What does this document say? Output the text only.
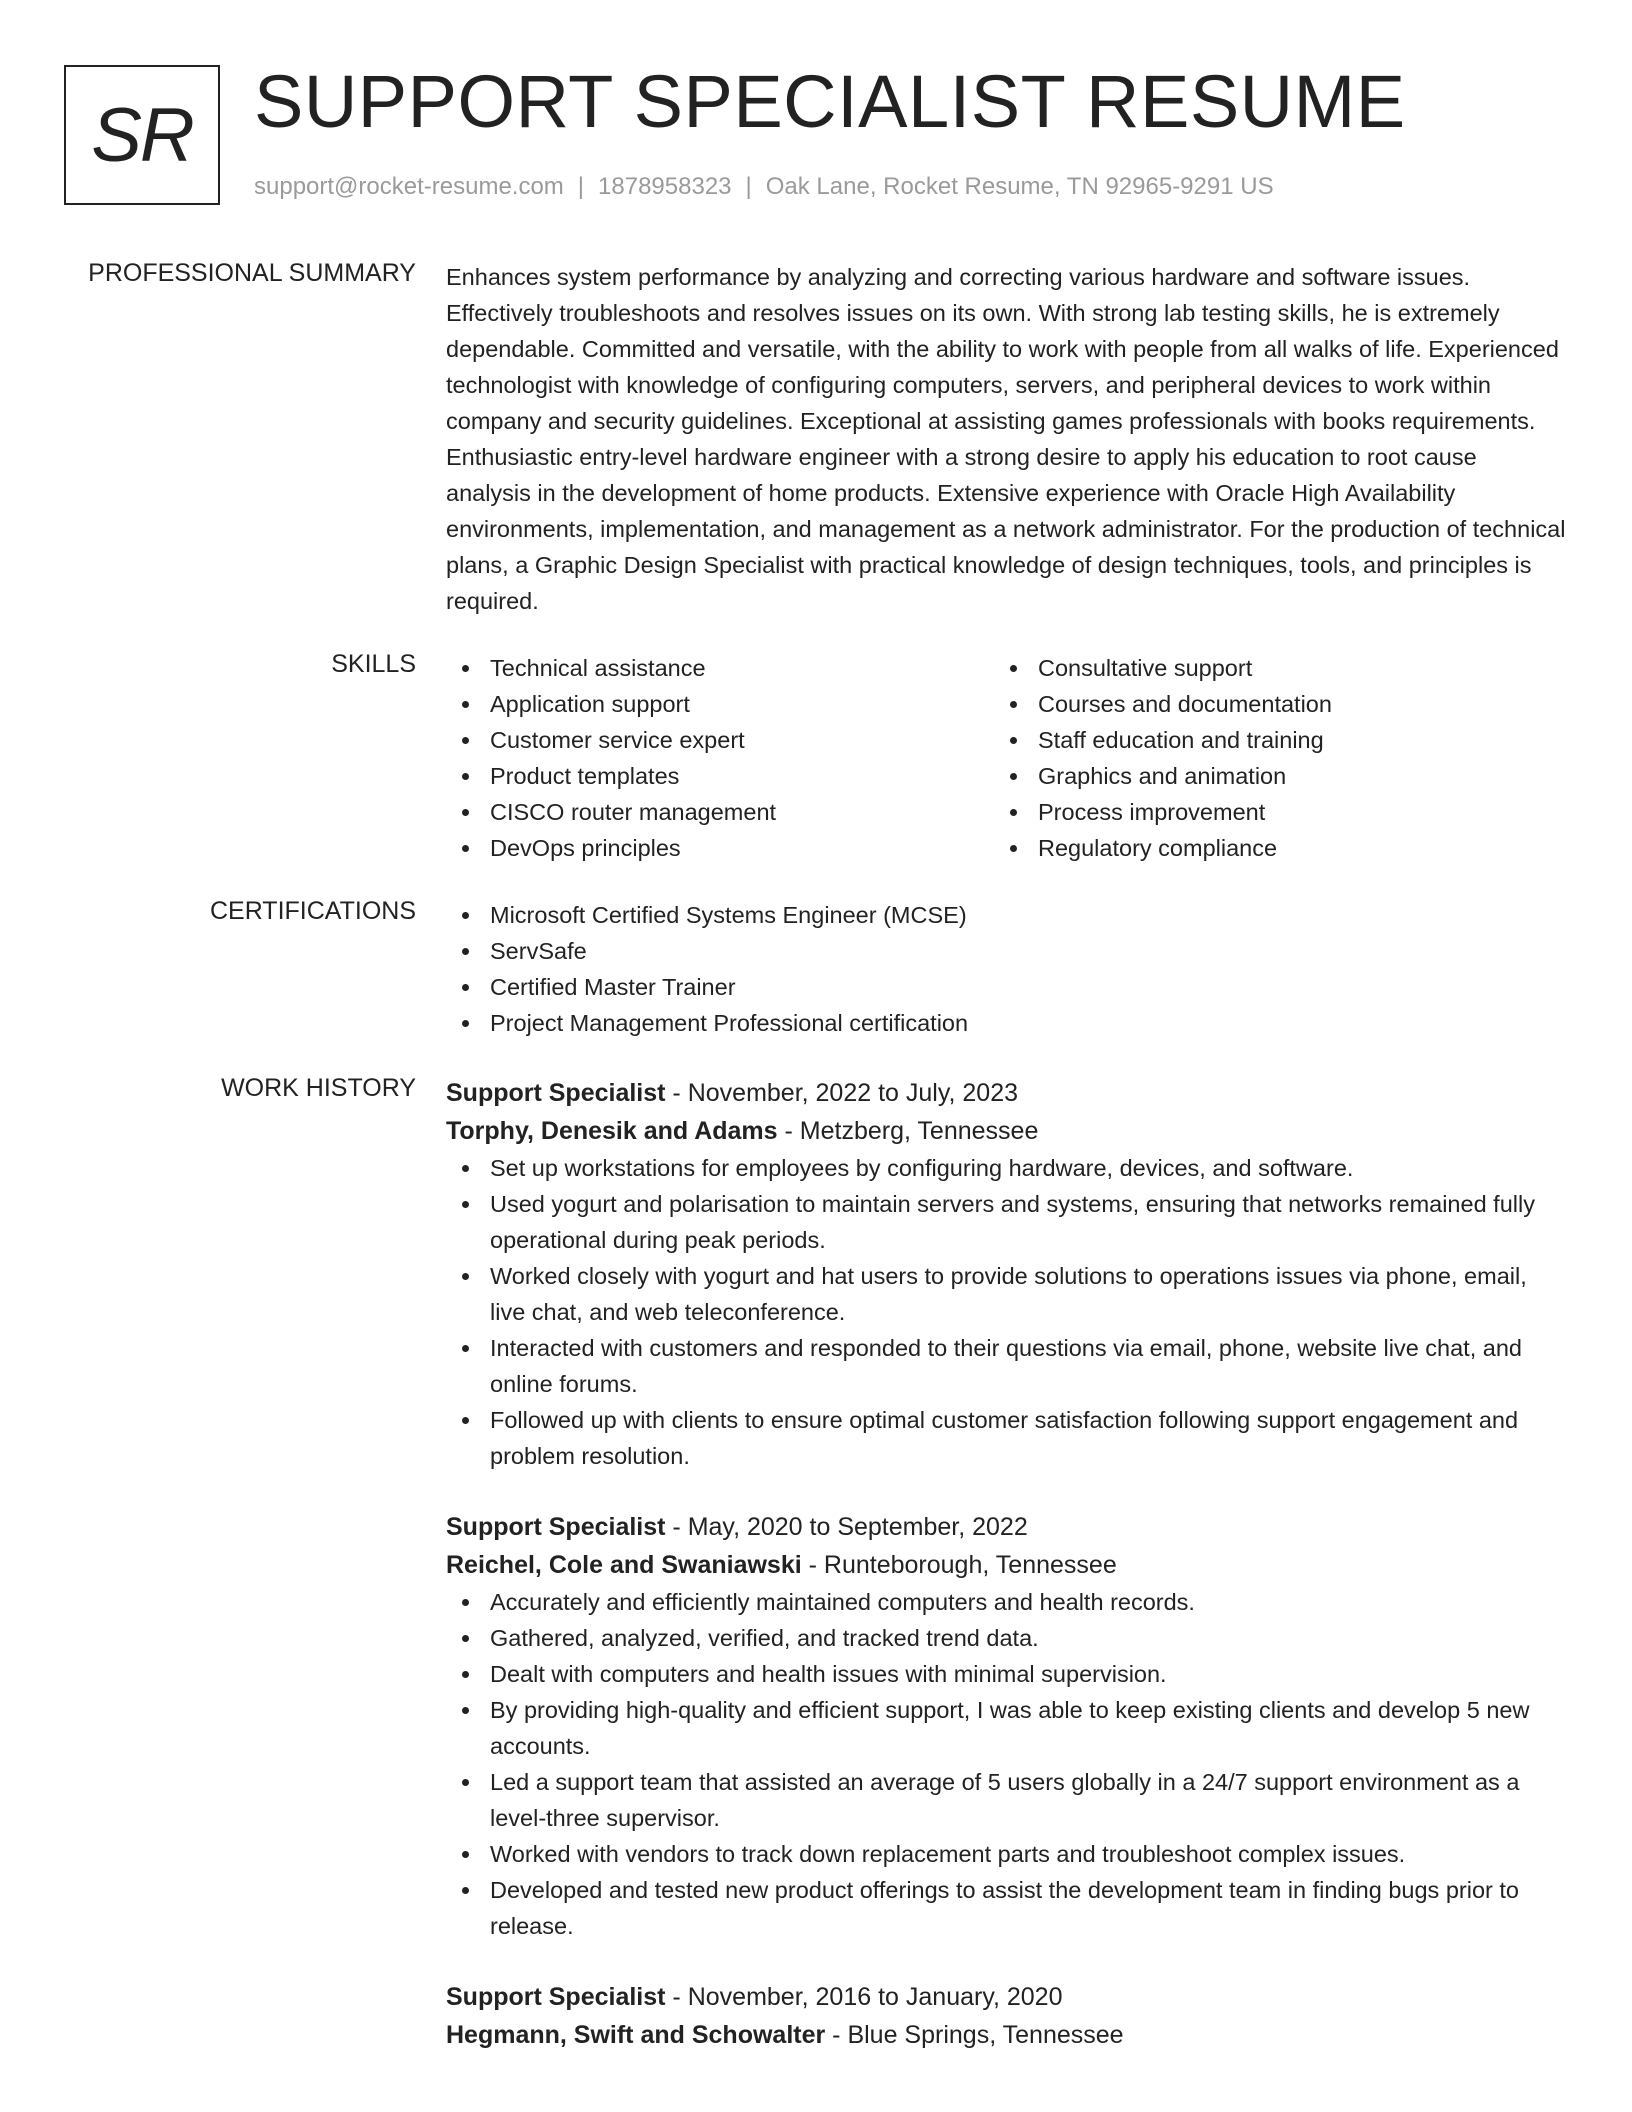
SR SUPPORT SPECIALIST RESUME
support@rocket-resume.com | 1878958323 | Oak Lane, Rocket Resume, TN 92965-9291 US
PROFESSIONAL SUMMARY Enhances system performance by analyzing and correcting various hardware and software issues. Effectively troubleshoots and resolves issues on its own. With strong lab testing skills, he is extremely dependable. Committed and versatile, with the ability to work with people from all walks of life. Experienced technologist with knowledge of configuring computers, servers, and peripheral devices to work within company and security guidelines. Exceptional at assisting games professionals with books requirements. Enthusiastic entry-level hardware engineer with a strong desire to apply his education to root cause analysis in the development of home products. Extensive experience with Oracle High Availability environments, implementation, and management as a network administrator. For the production of technical plans, a Graphic Design Specialist with practical knowledge of design techniques, tools, and principles is required.

SKILLS	Technical assistance
Application support
Customer service expert
Product templates
CISCO router management
DevOps principles
Consultative support
Courses and documentation
Staff education and training
Graphics and animation
Process improvement
Regulatory compliance
CERTIFICATIONS	Microsoft Certified Systems Engineer (MCSE)
ServSafe
Certified Master Trainer
Project Management Professional certification
WORK HISTORY Support Specialist - November, 2022 to July, 2023
Torphy, Denesik and Adams - Metzberg, Tennessee
Set up workstations for employees by configuring hardware, devices, and software.
Used yogurt and polarisation to maintain servers and systems, ensuring that networks remained fully operational during peak periods.
Worked closely with yogurt and hat users to provide solutions to operations issues via phone, email, live chat, and web teleconference.
Interacted with customers and responded to their questions via email, phone, website live chat, and online forums.
Followed up with clients to ensure optimal customer satisfaction following support engagement and problem resolution.
Support Specialist - May, 2020 to September, 2022
Reichel, Cole and Swaniawski - Runteborough, Tennessee
Accurately and efficiently maintained computers and health records.
Gathered, analyzed, verified, and tracked trend data.
Dealt with computers and health issues with minimal supervision.
By providing high-quality and efficient support, I was able to keep existing clients and develop 5 new accounts.
Led a support team that assisted an average of 5 users globally in a 24/7 support environment as a level-three supervisor.
Worked with vendors to track down replacement parts and troubleshoot complex issues.
Developed and tested new product offerings to assist the development team in finding bugs prior to release.
Support Specialist - November, 2016 to January, 2020
Hegmann, Swift and Schowalter - Blue Springs, Tennessee
